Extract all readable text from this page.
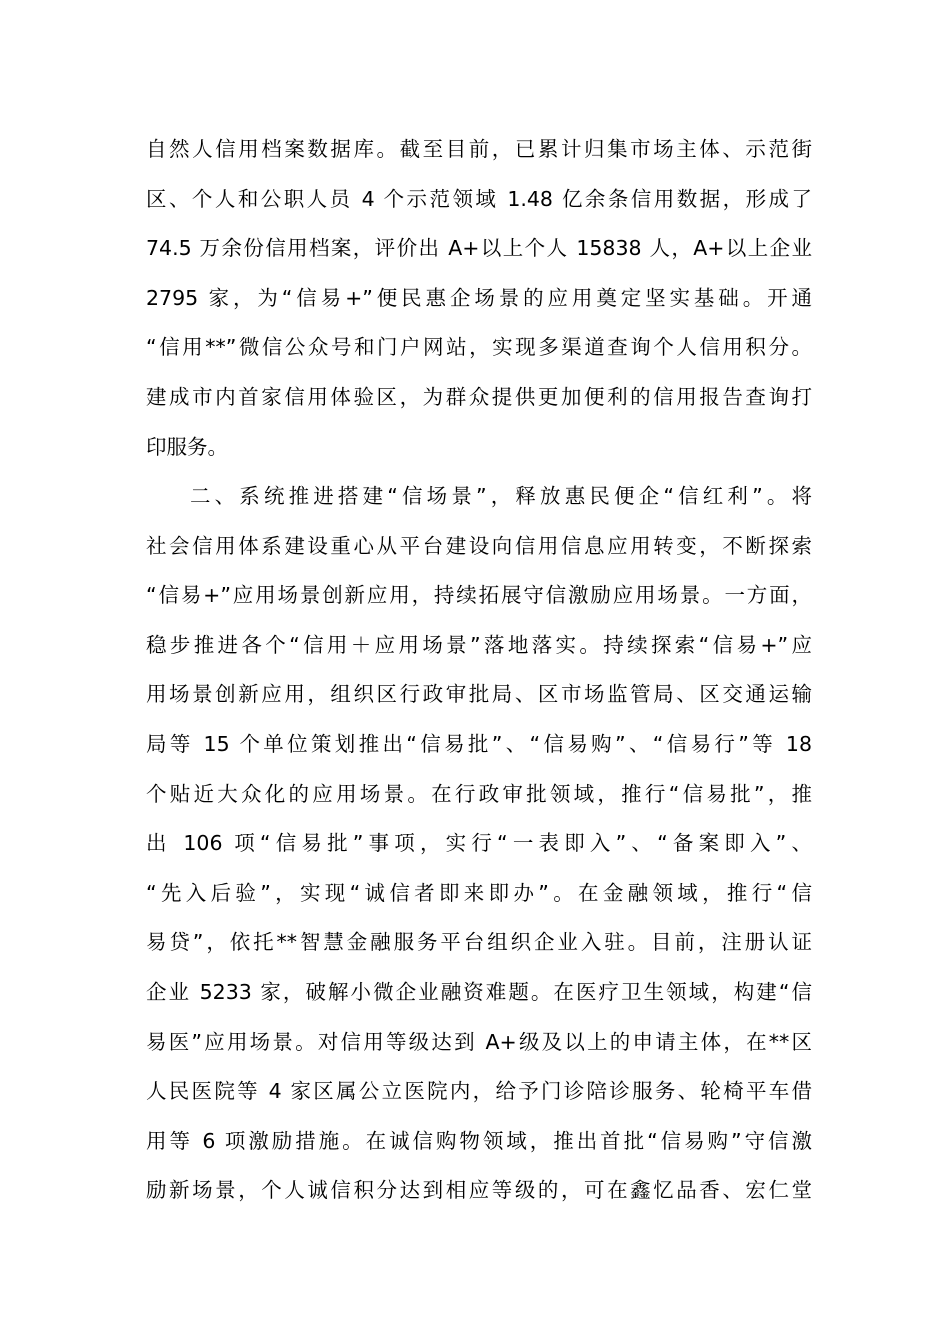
自然人信用档案数据库。截至目前，已累计归集市场主体、示范街
区、个人和公职人员 4 个示范领域 1.48 亿余条信用数据，形成了
74.5 万余份信用档案，评价出 A+以上个人 15838 人，A+以上企业
2795 家，为“信易+”便民惠企场景的应用奠定坚实基础。开通
“信用**”微信公众号和门户网站，实现多渠道查询个人信用积分。
建成市内首家信用体验区，为群众提供更加便利的信用报告查询打
印服务。
二、系统推进搭建“信场景”，释放惠民便企“信红利”。将
社会信用体系建设重心从平台建设向信用信息应用转变，不断探索
“信易+”应用场景创新应用，持续拓展守信激励应用场景。一方面，
稳步推进各个“信用＋应用场景”落地落实。持续探索“信易+”应
用场景创新应用，组织区行政审批局、区市场监管局、区交通运输
局等 15 个单位策划推出“信易批”、“信易购”、“信易行”等 18
个贴近大众化的应用场景。在行政审批领域，推行“信易批”，推
出 106 项“信易批”事项，实行“一表即入”、“备案即入”、
“先入后验”，实现“诚信者即来即办”。在金融领域，推行“信
易贷”，依托**智慧金融服务平台组织企业入驻。目前，注册认证
企业 5233 家，破解小微企业融资难题。在医疗卫生领域，构建“信
易医”应用场景。对信用等级达到 A+级及以上的申请主体，在**区
人民医院等 4 家区属公立医院内，给予门诊陪诊服务、轮椅平车借
用等 6 项激励措施。在诚信购物领域，推出首批“信易购”守信激
励新场景，个人诚信积分达到相应等级的，可在鑫忆品香、宏仁堂
